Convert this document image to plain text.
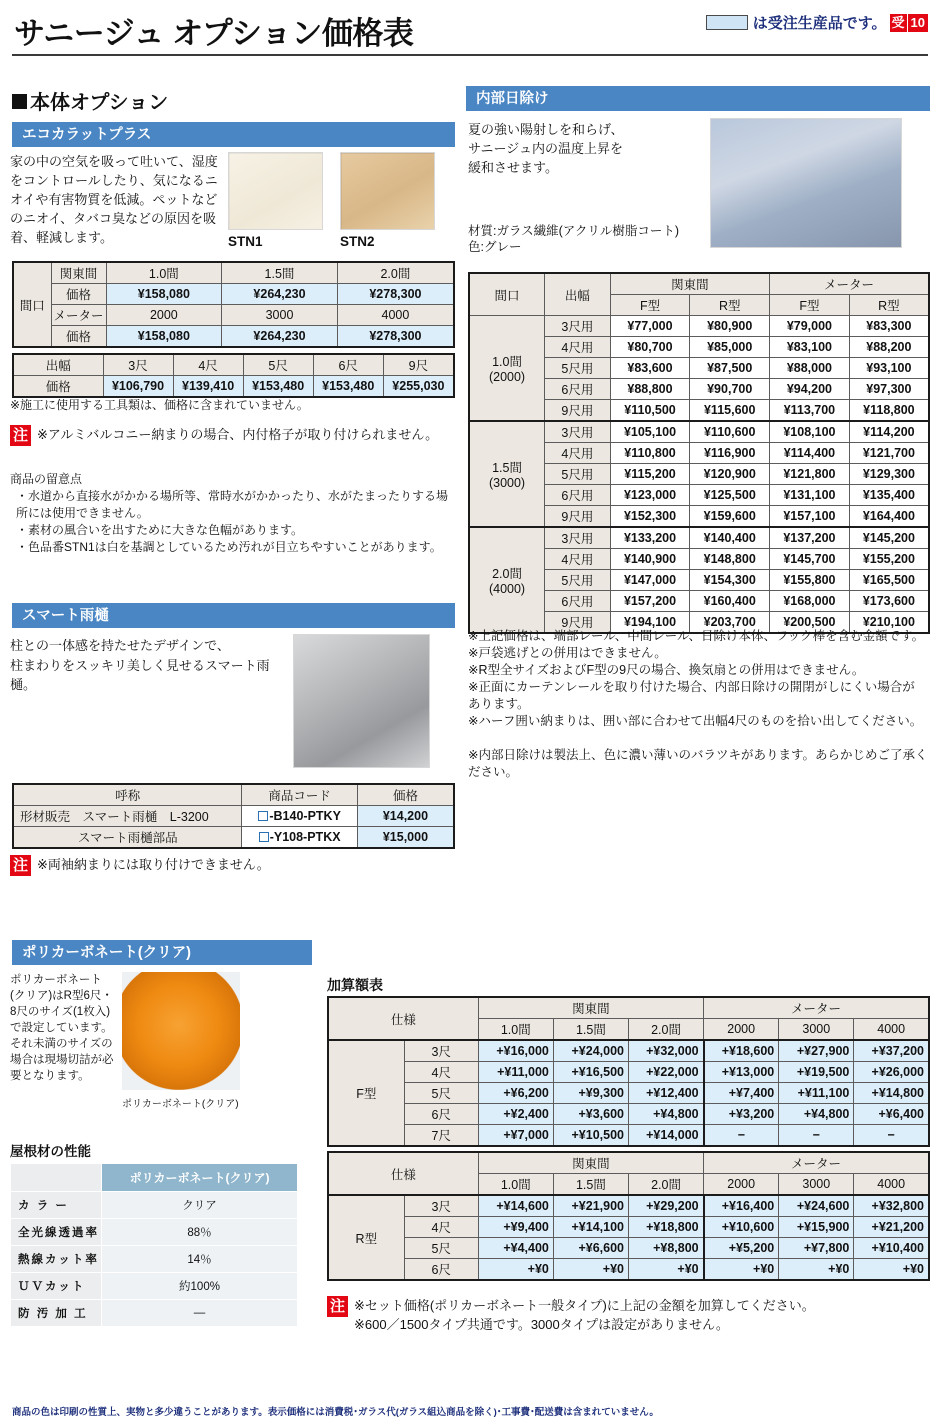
サニージュ オプション価格表	は受注生産品です。 受 10
本体オプション
エコカラットプラス
家の中の空気を吸って吐いて、湿度をコントロールしたり、気になるニオイや有害物質を低減。ペットなどのニオイ、タバコ臭などの原因を吸着、軽減します。	STN1	STN2
間口	関東間	1.0間	1.5間	2.0間
	価格	¥158,080	¥264,230	¥278,300
	メーター	2000	3000	4000
	価格	¥158,080	¥264,230	¥278,300
出幅	3尺	4尺	5尺	6尺	9尺
価格	¥106,790	¥139,410	¥153,480	¥153,480	¥255,030
※施工に使用する工具類は、価格に含まれていません。
注 ※アルミバルコニー納まりの場合、内付格子が取り付けられません。
商品の留意点
・水道から直接水がかかる場所等、常時水がかかったり、水がたまったりする場所には使用できません。
・素材の風合いを出すために大きな色幅があります。
・色品番STN1は白を基調としているため汚れが目立ちやすいことがあります。
スマート雨樋
柱との一体感を持たせたデザインで、
柱まわりをスッキリ美しく見せるスマート雨樋。
呼称	商品コード	価格
形材販売　スマート雨樋　L-3200	-B140-PTKY	¥14,200
スマート雨樋部品	-Y108-PTKX	¥15,000
注 ※両袖納まりには取り付けできません。
内部日除け
夏の強い陽射しを和らげ、
サニージュ内の温度上昇を
緩和させます。
材質:ガラス繊維(アクリル樹脂コート)
色:グレー
間口	出幅	関東間		メーター	
		F型	R型	F型	R型
1.0間
(2000)	3尺用	¥77,000	¥80,900	¥79,000	¥83,300
	4尺用	¥80,700	¥85,000	¥83,100	¥88,200
	5尺用	¥83,600	¥87,500	¥88,000	¥93,100
	6尺用	¥88,800	¥90,700	¥94,200	¥97,300
	9尺用	¥110,500	¥115,600	¥113,700	¥118,800
1.5間
(3000)	3尺用	¥105,100	¥110,600	¥108,100	¥114,200
	4尺用	¥110,800	¥116,900	¥114,400	¥121,700
	5尺用	¥115,200	¥120,900	¥121,800	¥129,300
	6尺用	¥123,000	¥125,500	¥131,100	¥135,400
	9尺用	¥152,300	¥159,600	¥157,100	¥164,400
2.0間
(4000)	3尺用	¥133,200	¥140,400	¥137,200	¥145,200
	4尺用	¥140,900	¥148,800	¥145,700	¥155,200
	5尺用	¥147,000	¥154,300	¥155,800	¥165,500
	6尺用	¥157,200	¥160,400	¥168,000	¥173,600
	9尺用	¥194,100	¥203,700	¥200,500	¥210,100
※上記価格は、端部レール、中間レール、日除け本体、フック棒を含む金額です。
※戸袋逃げとの併用はできません。
※R型全サイズおよびF型の9尺の場合、換気扇との併用はできません。
※正面にカーテンレールを取り付けた場合、内部日除けの開閉がしにくい場合があります。
※ハーフ囲い納まりは、囲い部に合わせて出幅4尺のものを拾い出してください。
※内部日除けは製法上、色に濃い薄いのバラツキがあります。あらかじめご了承ください。
ポリカーボネート(クリア)
ポリカーボネート(クリア)はR型6尺・8尺のサイズ(1枚入)で設定しています。それ未満のサイズの場合は現場切詰が必要となります。
ポリカーボネート(クリア)
屋根材の性能
	ポリカーボネート(クリア)
カ ラ ー	クリア
全光線透過率	88％
熱線カット率	14％
ＵＶカット	約100%
防 汚 加 工	—
加算額表
仕様		関東間			メーター		
		1.0間	1.5間	2.0間	2000	3000	4000
F型	3尺	+¥16,000	+¥24,000	+¥32,000	+¥18,600	+¥27,900	+¥37,200
	4尺	+¥11,000	+¥16,500	+¥22,000	+¥13,000	+¥19,500	+¥26,000
	5尺	+¥6,200	+¥9,300	+¥12,400	+¥7,400	+¥11,100	+¥14,800
	6尺	+¥2,400	+¥3,600	+¥4,800	+¥3,200	+¥4,800	+¥6,400
	7尺	+¥7,000	+¥10,500	+¥14,000	−	−	−
仕様		関東間			メーター		
		1.0間	1.5間	2.0間	2000	3000	4000
R型	3尺	+¥14,600	+¥21,900	+¥29,200	+¥16,400	+¥24,600	+¥32,800
	4尺	+¥9,400	+¥14,100	+¥18,800	+¥10,600	+¥15,900	+¥21,200
	5尺	+¥4,400	+¥6,600	+¥8,800	+¥5,200	+¥7,800	+¥10,400
	6尺	+¥0	+¥0	+¥0	+¥0	+¥0	+¥0
注 ※セット価格(ポリカーボネート一般タイプ)に上記の金額を加算してください。
※600／1500タイプ共通です。3000タイプは設定がありません。
商品の色は印刷の性質上、実物と多少違うことがあります。表示価格には消費税･ガラス代(ガラス組込商品を除く)･工事費･配送費は含まれていません。
